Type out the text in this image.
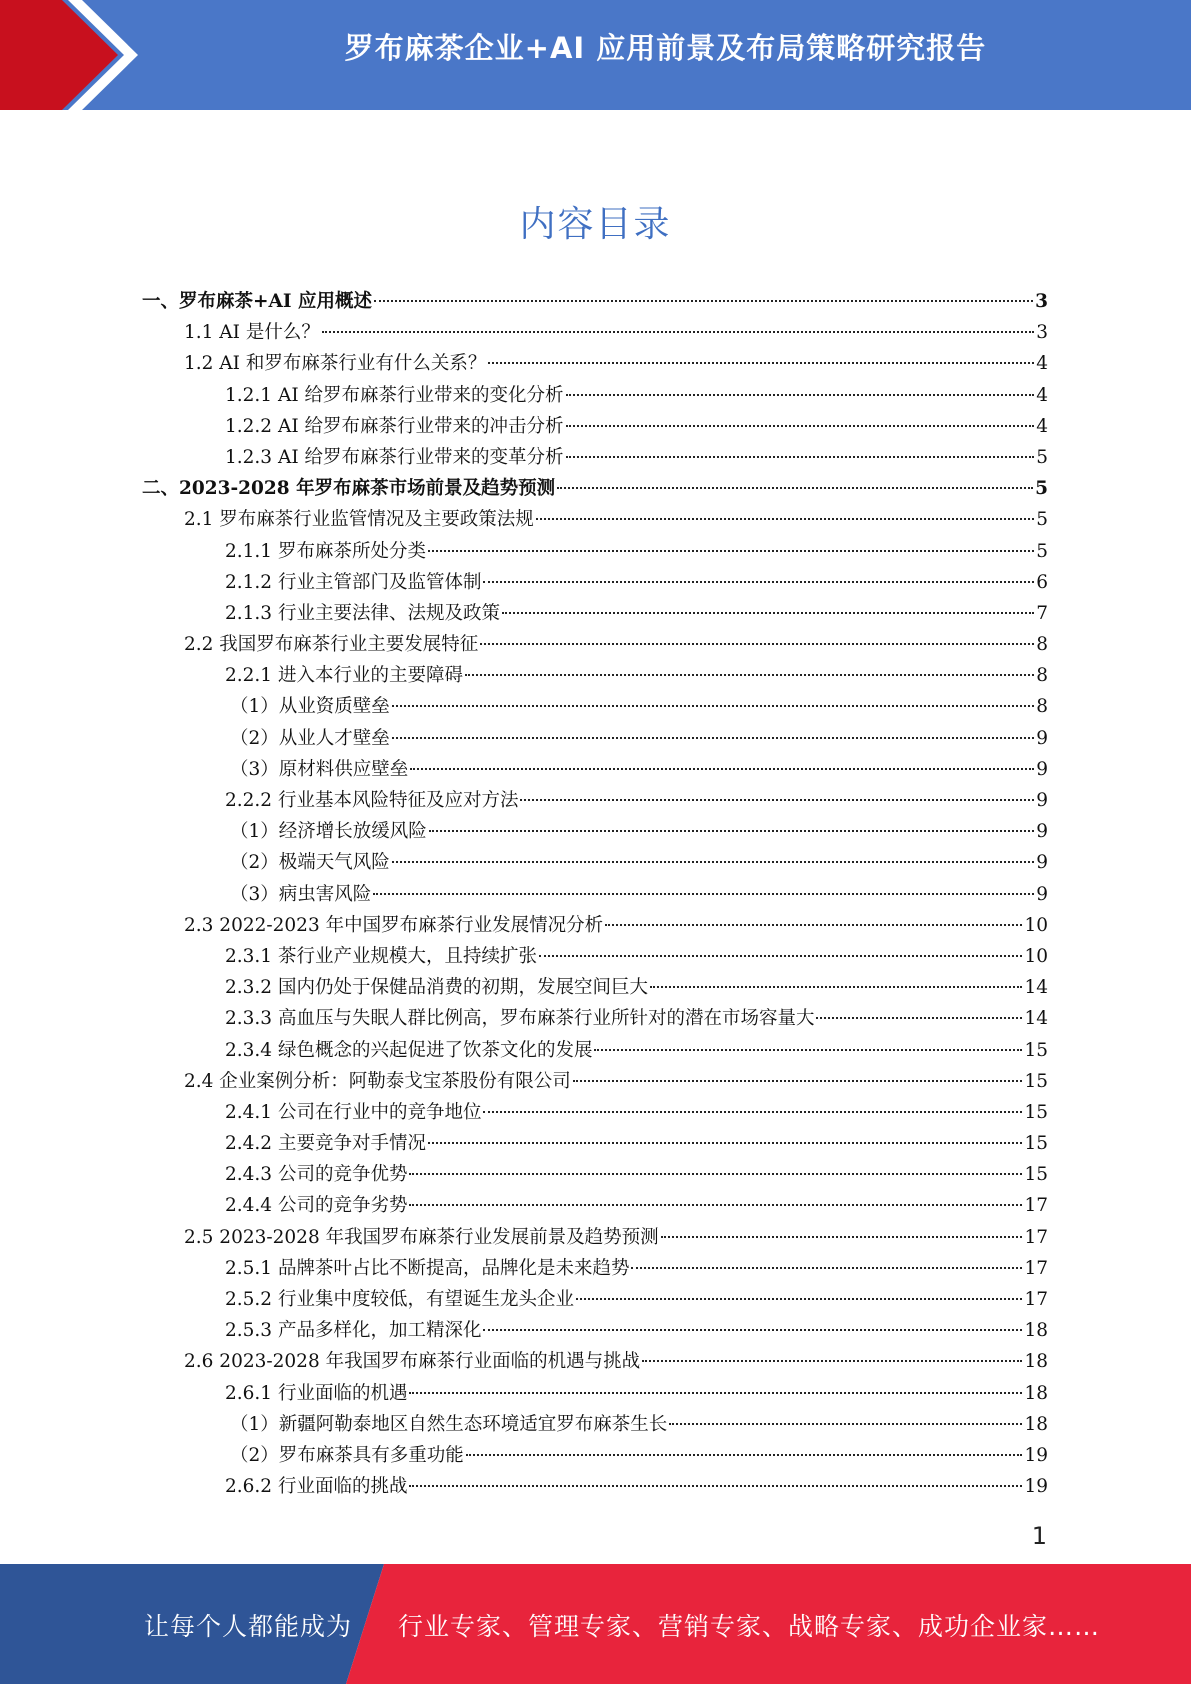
罗布麻茶企业+AI 应用前景及布局策略研究报告
内容目录
一、罗布麻茶+AI 应用概述	3
1.1 AI 是什么？	3
1.2 AI 和罗布麻茶行业有什么关系？	4
1.2.1 AI 给罗布麻茶行业带来的变化分析	4
1.2.2 AI 给罗布麻茶行业带来的冲击分析	4
1.2.3 AI 给罗布麻茶行业带来的变革分析	5
二、2023-2028 年罗布麻茶市场前景及趋势预测	5
2.1 罗布麻茶行业监管情况及主要政策法规	5
2.1.1 罗布麻茶所处分类	5
2.1.2 行业主管部门及监管体制	6
2.1.3 行业主要法律、法规及政策	7
2.2 我国罗布麻茶行业主要发展特征	8
2.2.1 进入本行业的主要障碍	8
（1）从业资质壁垒	8
（2）从业人才壁垒	9
（3）原材料供应壁垒	9
2.2.2 行业基本风险特征及应对方法	9
（1）经济增长放缓风险	9
（2）极端天气风险	9
（3）病虫害风险	9
2.3 2022-2023 年中国罗布麻茶行业发展情况分析	10
2.3.1 茶行业产业规模大，且持续扩张	10
2.3.2 国内仍处于保健品消费的初期，发展空间巨大	14
2.3.3 高血压与失眠人群比例高，罗布麻茶行业所针对的潜在市场容量大	14
2.3.4 绿色概念的兴起促进了饮茶文化的发展	15
2.4 企业案例分析：阿勒泰戈宝茶股份有限公司	15
2.4.1 公司在行业中的竞争地位	15
2.4.2 主要竞争对手情况	15
2.4.3 公司的竞争优势	15
2.4.4 公司的竞争劣势	17
2.5 2023-2028 年我国罗布麻茶行业发展前景及趋势预测	17
2.5.1 品牌茶叶占比不断提高，品牌化是未来趋势	17
2.5.2 行业集中度较低，有望诞生龙头企业	17
2.5.3 产品多样化，加工精深化	18
2.6 2023-2028 年我国罗布麻茶行业面临的机遇与挑战	18
2.6.1 行业面临的机遇	18
（1）新疆阿勒泰地区自然生态环境适宜罗布麻茶生长	18
（2）罗布麻茶具有多重功能	19
2.6.2 行业面临的挑战	19
1
让每个人都能成为 行业专家、管理专家、营销专家、战略专家、成功企业家……
